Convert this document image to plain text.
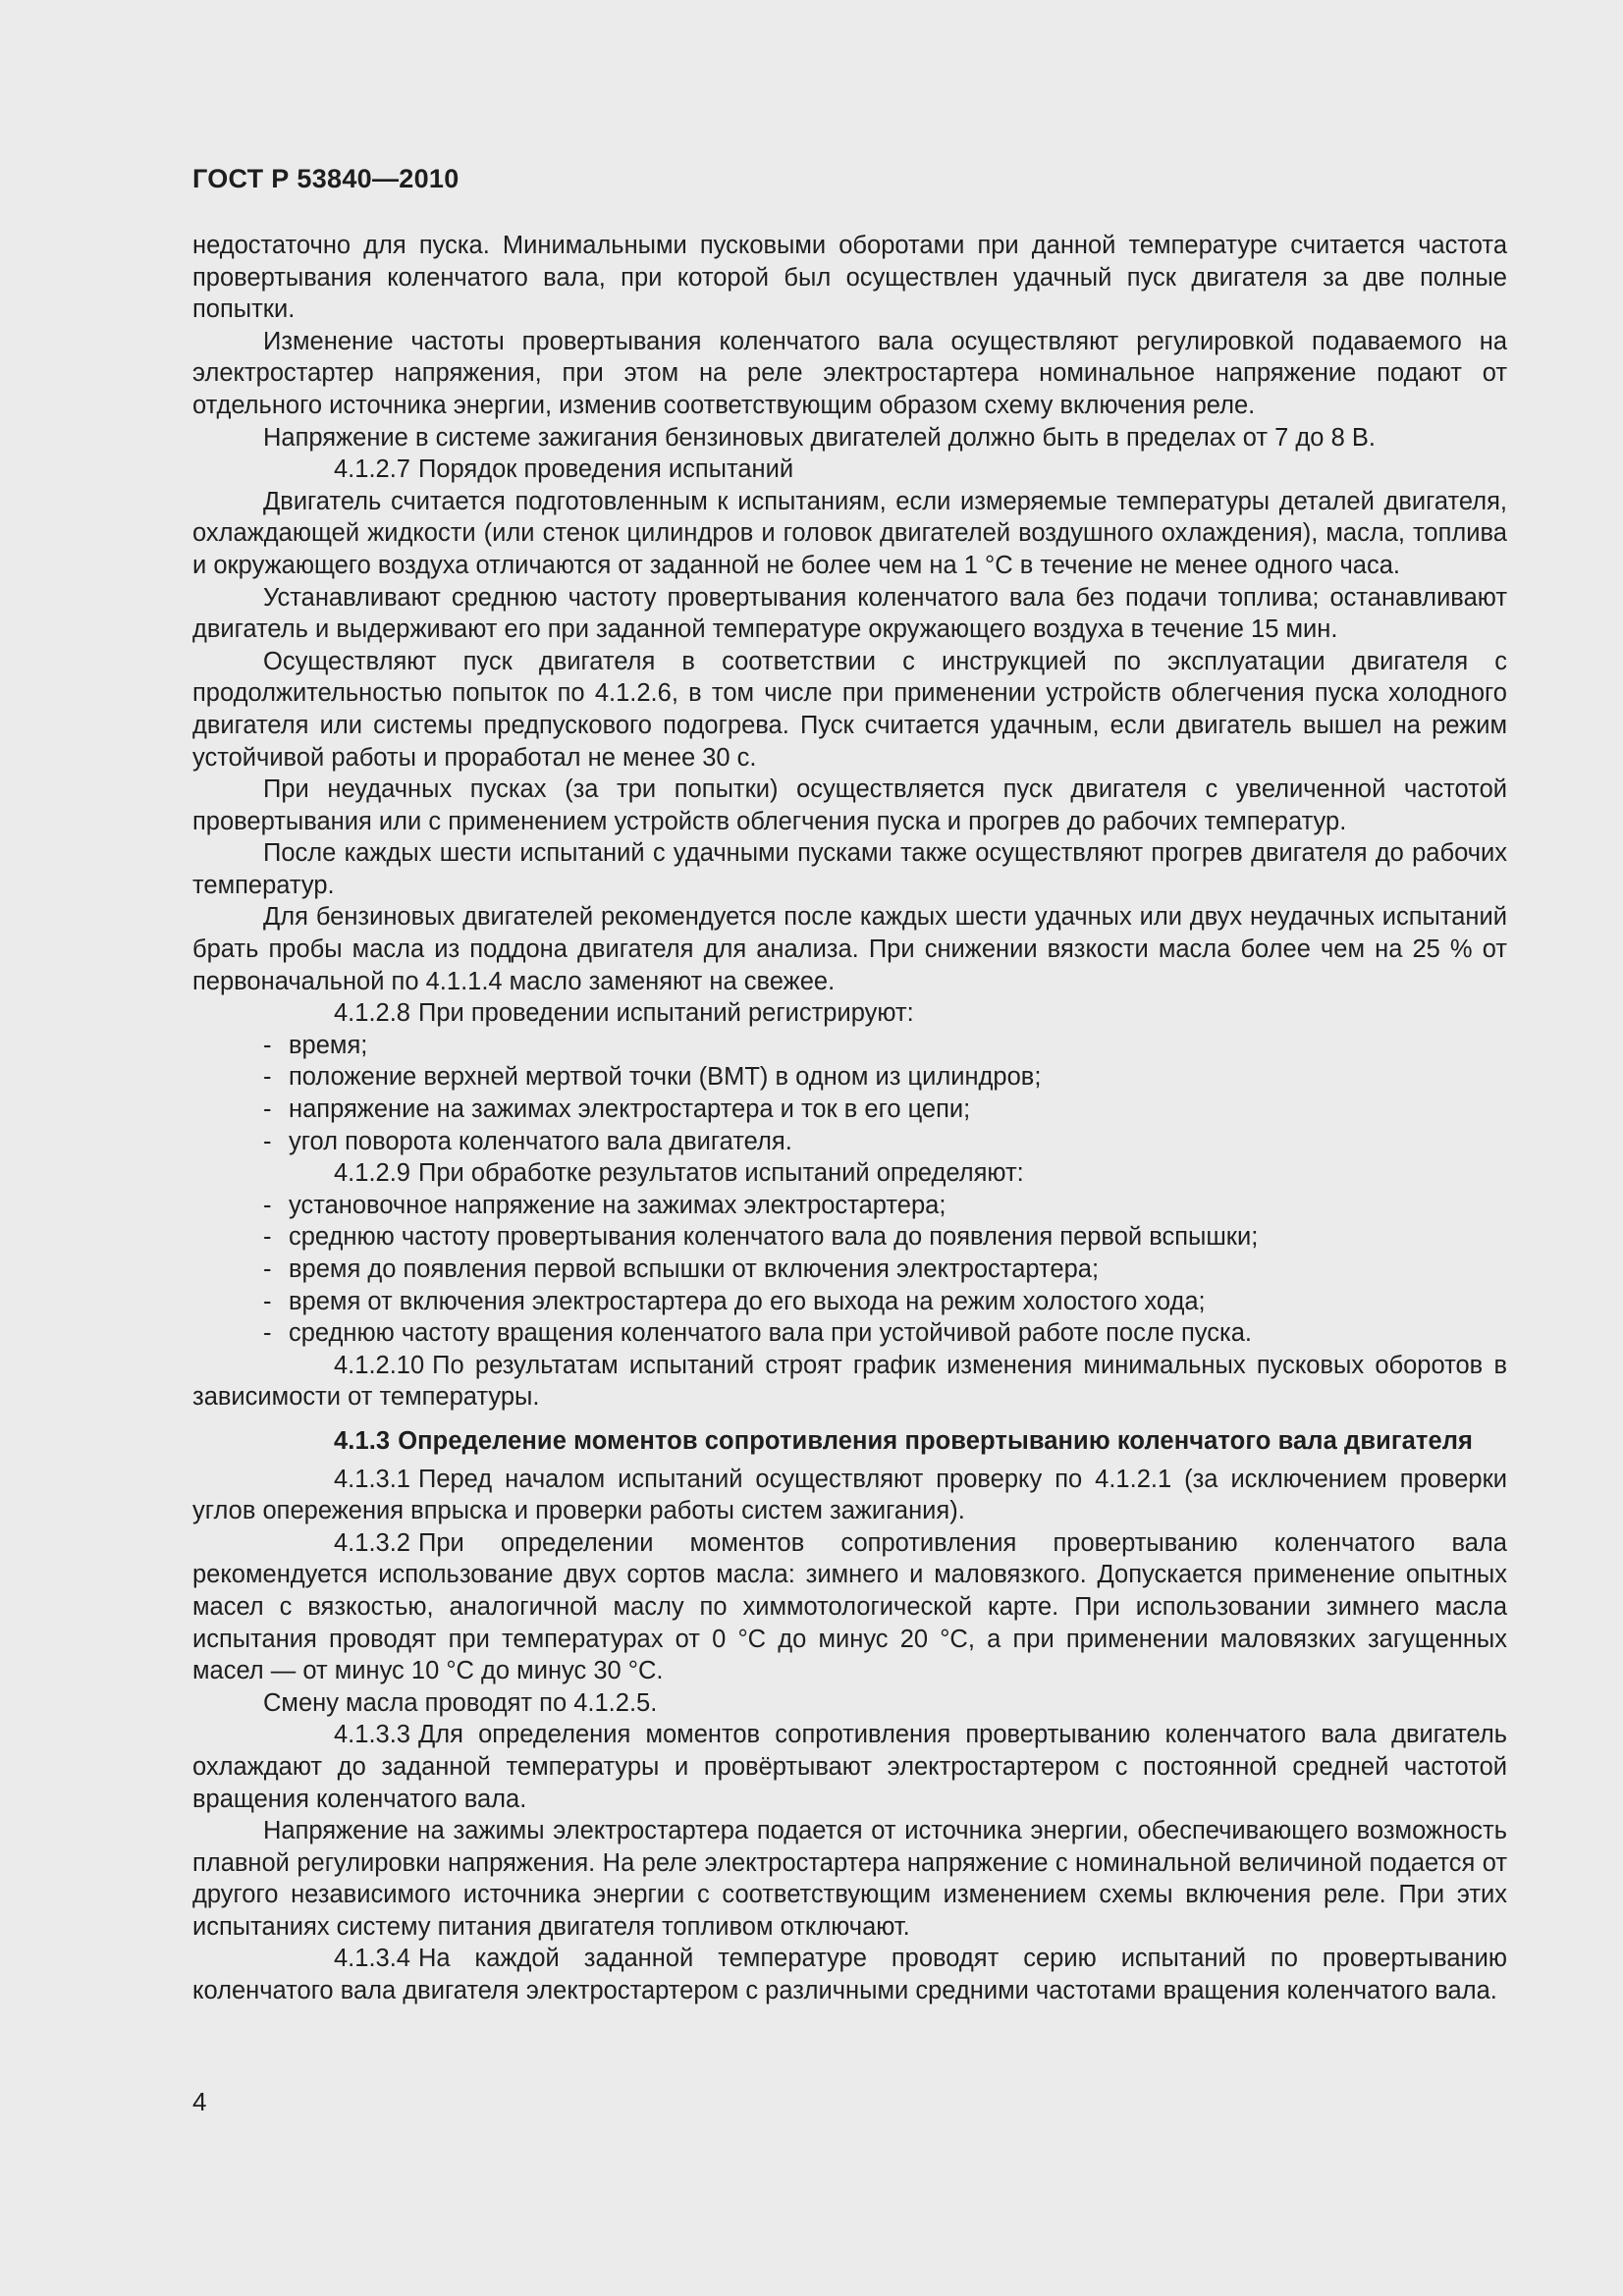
ГОСТ Р 53840—2010

недостаточно для пуска. Минимальными пусковыми оборотами при данной температуре считается частота провертывания коленчатого вала, при которой был осуществлен удачный пуск двигателя за две полные попытки.

Изменение частоты провертывания коленчатого вала осуществляют регулировкой подаваемого на электростартер напряжения, при этом на реле электростартера номинальное напряжение подают от отдельного источника энергии, изменив соответствующим образом схему включения реле.

Напряжение в системе зажигания бензиновых двигателей должно быть в пределах от 7 до 8 В.

4.1.2.7 Порядок проведения испытаний

Двигатель считается подготовленным к испытаниям, если измеряемые температуры деталей двигателя, охлаждающей жидкости (или стенок цилиндров и головок двигателей воздушного охлаждения), масла, топлива и окружающего воздуха отличаются от заданной не более чем на 1 °С в течение не менее одного часа.

Устанавливают среднюю частоту провертывания коленчатого вала без подачи топлива; останавливают двигатель и выдерживают его при заданной температуре окружающего воздуха в течение 15 мин.

Осуществляют пуск двигателя в соответствии с инструкцией по эксплуатации двигателя с продолжительностью попыток по 4.1.2.6, в том числе при применении устройств облегчения пуска холодного двигателя или системы предпускового подогрева. Пуск считается удачным, если двигатель вышел на режим устойчивой работы и проработал не менее 30 с.

При неудачных пусках (за три попытки) осуществляется пуск двигателя с увеличенной частотой провертывания или с применением устройств облегчения пуска и прогрев до рабочих температур.

После каждых шести испытаний с удачными пусками также осуществляют прогрев двигателя до рабочих температур.

Для бензиновых двигателей рекомендуется после каждых шести удачных или двух неудачных испытаний брать пробы масла из поддона двигателя для анализа. При снижении вязкости масла более чем на 25 % от первоначальной по 4.1.1.4 масло заменяют на свежее.

4.1.2.8 При проведении испытаний регистрируют:

- время;

- положение верхней мертвой точки (ВМТ) в одном из цилиндров;

- напряжение на зажимах электростартера и ток в его цепи;

- угол поворота коленчатого вала двигателя.

4.1.2.9 При обработке результатов испытаний определяют:

- установочное напряжение на зажимах электростартера;

- среднюю частоту провертывания коленчатого вала до появления первой вспышки;

- время до появления первой вспышки от включения электростартера;

- время от включения электростартера до его выхода на режим холостого хода;

- среднюю частоту вращения коленчатого вала при устойчивой работе после пуска.

4.1.2.10 По результатам испытаний строят график изменения минимальных пусковых оборотов в зависимости от температуры.

4.1.3 Определение моментов сопротивления провертыванию коленчатого вала двигателя

4.1.3.1 Перед началом испытаний осуществляют проверку по 4.1.2.1 (за исключением проверки углов опережения впрыска и проверки работы систем зажигания).

4.1.3.2 При определении моментов сопротивления провертыванию коленчатого вала рекомендуется использование двух сортов масла: зимнего и маловязкого. Допускается применение опытных масел с вязкостью, аналогичной маслу по химмотологической карте. При использовании зимнего масла испытания проводят при температурах от 0 °С до минус 20 °С, а при применении маловязких загущенных масел — от минус 10 °С до минус 30 °С.

Смену масла проводят по 4.1.2.5.

4.1.3.3 Для определения моментов сопротивления провертыванию коленчатого вала двигатель охлаждают до заданной температуры и провёртывают электростартером с постоянной средней частотой вращения коленчатого вала.

Напряжение на зажимы электростартера подается от источника энергии, обеспечивающего возможность плавной регулировки напряжения. На реле электростартера напряжение с номинальной величиной подается от другого независимого источника энергии с соответствующим изменением схемы включения реле. При этих испытаниях систему питания двигателя топливом отключают.

4.1.3.4 На каждой заданной температуре проводят серию испытаний по провертыванию коленчатого вала двигателя электростартером с различными средними частотами вращения коленчатого вала.

4
